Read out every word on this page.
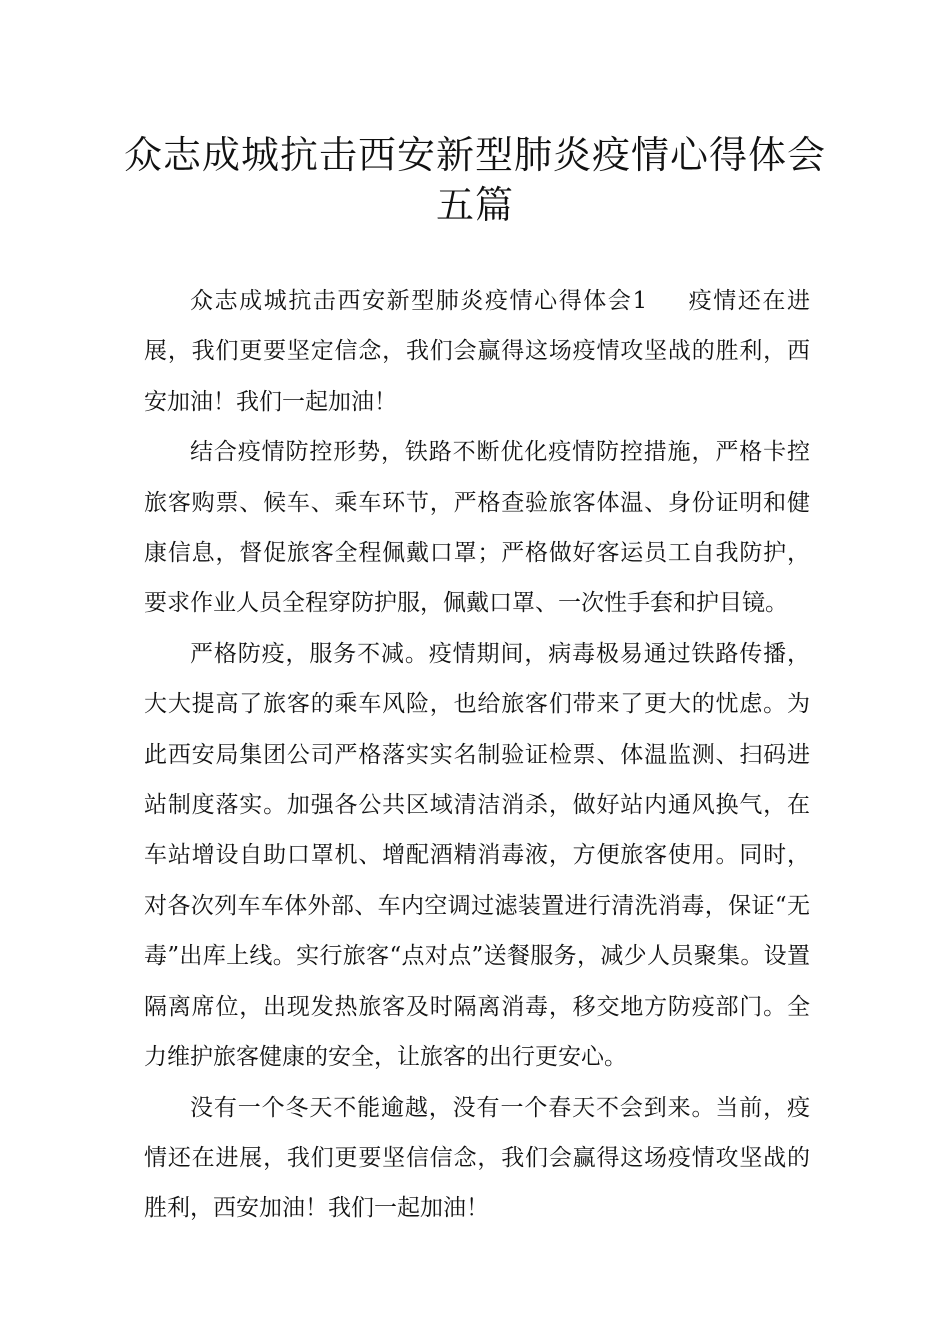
众志成城抗击西安新型肺炎疫情心得体会五篇

众志成城抗击西安新型肺炎疫情心得体会1 疫情还在进展，我们更要坚定信念，我们会赢得这场疫情攻坚战的胜利，西安加油！我们一起加油！

结合疫情防控形势，铁路不断优化疫情防控措施，严格卡控旅客购票、候车、乘车环节，严格查验旅客体温、身份证明和健康信息，督促旅客全程佩戴口罩；严格做好客运员工自我防护，要求作业人员全程穿防护服，佩戴口罩、一次性手套和护目镜。

严格防疫，服务不减。疫情期间，病毒极易通过铁路传播，大大提高了旅客的乘车风险，也给旅客们带来了更大的忧虑。为此西安局集团公司严格落实实名制验证检票、体温监测、扫码进站制度落实。加强各公共区域清洁消杀，做好站内通风换气，在车站增设自助口罩机、增配酒精消毒液，方便旅客使用。同时，对各次列车车体外部、车内空调过滤装置进行清洗消毒，保证“无毒”出库上线。实行旅客“点对点”送餐服务，减少人员聚集。设置隔离席位，出现发热旅客及时隔离消毒，移交地方防疫部门。全力维护旅客健康的安全，让旅客的出行更安心。

没有一个冬天不能逾越，没有一个春天不会到来。当前，疫情还在进展，我们更要坚信信念，我们会赢得这场疫情攻坚战的胜利，西安加油！我们一起加油！
